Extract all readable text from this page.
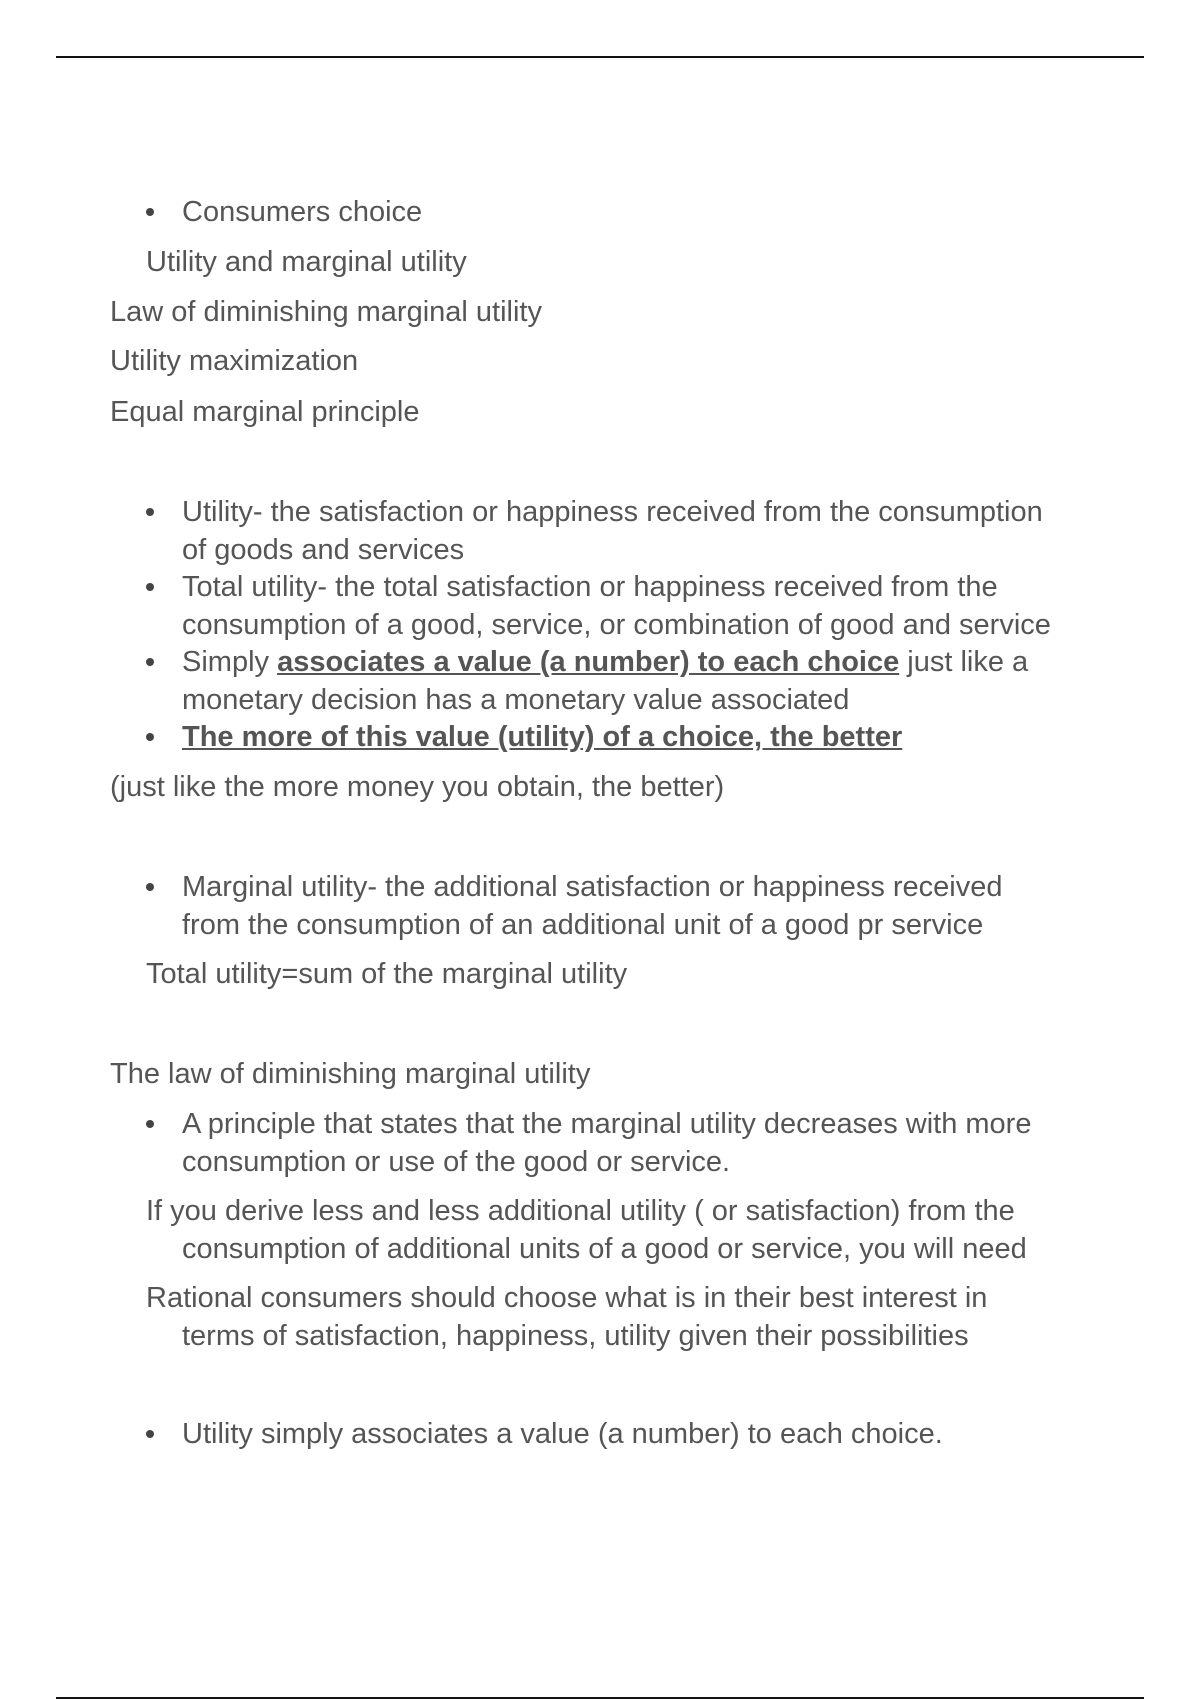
Consumers choice
Utility and marginal utility
Law of diminishing marginal utility
Utility maximization
Equal marginal principle
Utility- the satisfaction or happiness received from the consumption
of goods and services
Total utility- the total satisfaction or happiness received from the
consumption of a good, service, or combination of good and service
Simply associates a value (a number) to each choice just like a
monetary decision has a monetary value associated
The more of this value (utility) of a choice, the better
(just like the more money you obtain, the better)
Marginal utility- the additional satisfaction or happiness received
from the consumption of an additional unit of a good pr service
Total utility=sum of the marginal utility
The law of diminishing marginal utility
A principle that states that the marginal utility decreases with more
consumption or use of the good or service.
If you derive less and less additional utility ( or satisfaction) from the
consumption of additional units of a good or service, you will need
Rational consumers should choose what is in their best interest in
terms of satisfaction, happiness, utility given their possibilities
Utility simply associates a value (a number) to each choice.
